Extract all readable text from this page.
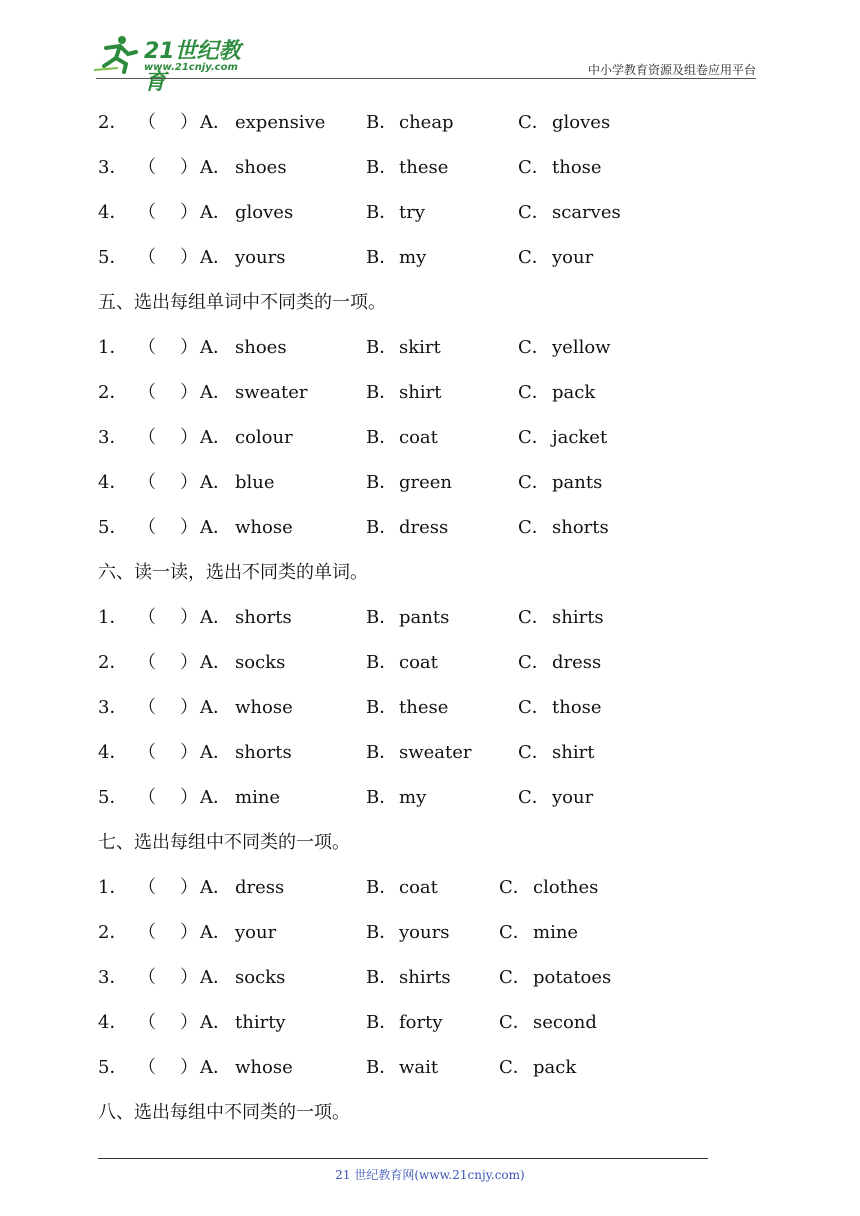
21世纪教育
www.21cnjy.com	中小学教育资源及组卷应用平台
2． （ ） A． expensive B． cheap	C． gloves
3． （ ） A． shoes	B． these	C． those
4． （ ） A． gloves	B． try	C． scarves
5． （ ） A． yours	B． my	C． your
五、选出每组单词中不同类的一项。
1． （ ） A． shoes	B． skirt	C． yellow
2． （ ） A． sweater	B． shirt	C． pack
3． （ ） A． colour	B． coat	C． jacket
4． （ ） A． blue	B． green	C． pants
5． （ ） A． whose	B． dress	C． shorts
六、读一读，选出不同类的单词。
1． （ ） A． shorts	B． pants	C． shirts
2． （ ） A． socks	B． coat	C． dress
3． （ ） A． whose	B． these	C． those
4． （ ） A． shorts	B． sweater	C． shirt
5． （ ） A． mine	B． my	C． your
七、选出每组中不同类的一项。
1． （ ） A． dress	B． coat	C． clothes
2． （ ） A． your	B． yours	C． mine
3． （ ） A． socks	B． shirts	C． potatoes
4． （ ） A． thirty	B． forty	C． second
5． （ ） A． whose	B． wait	C． pack
八、选出每组中不同类的一项。
21 世纪教育网(www.21cnjy.com)
